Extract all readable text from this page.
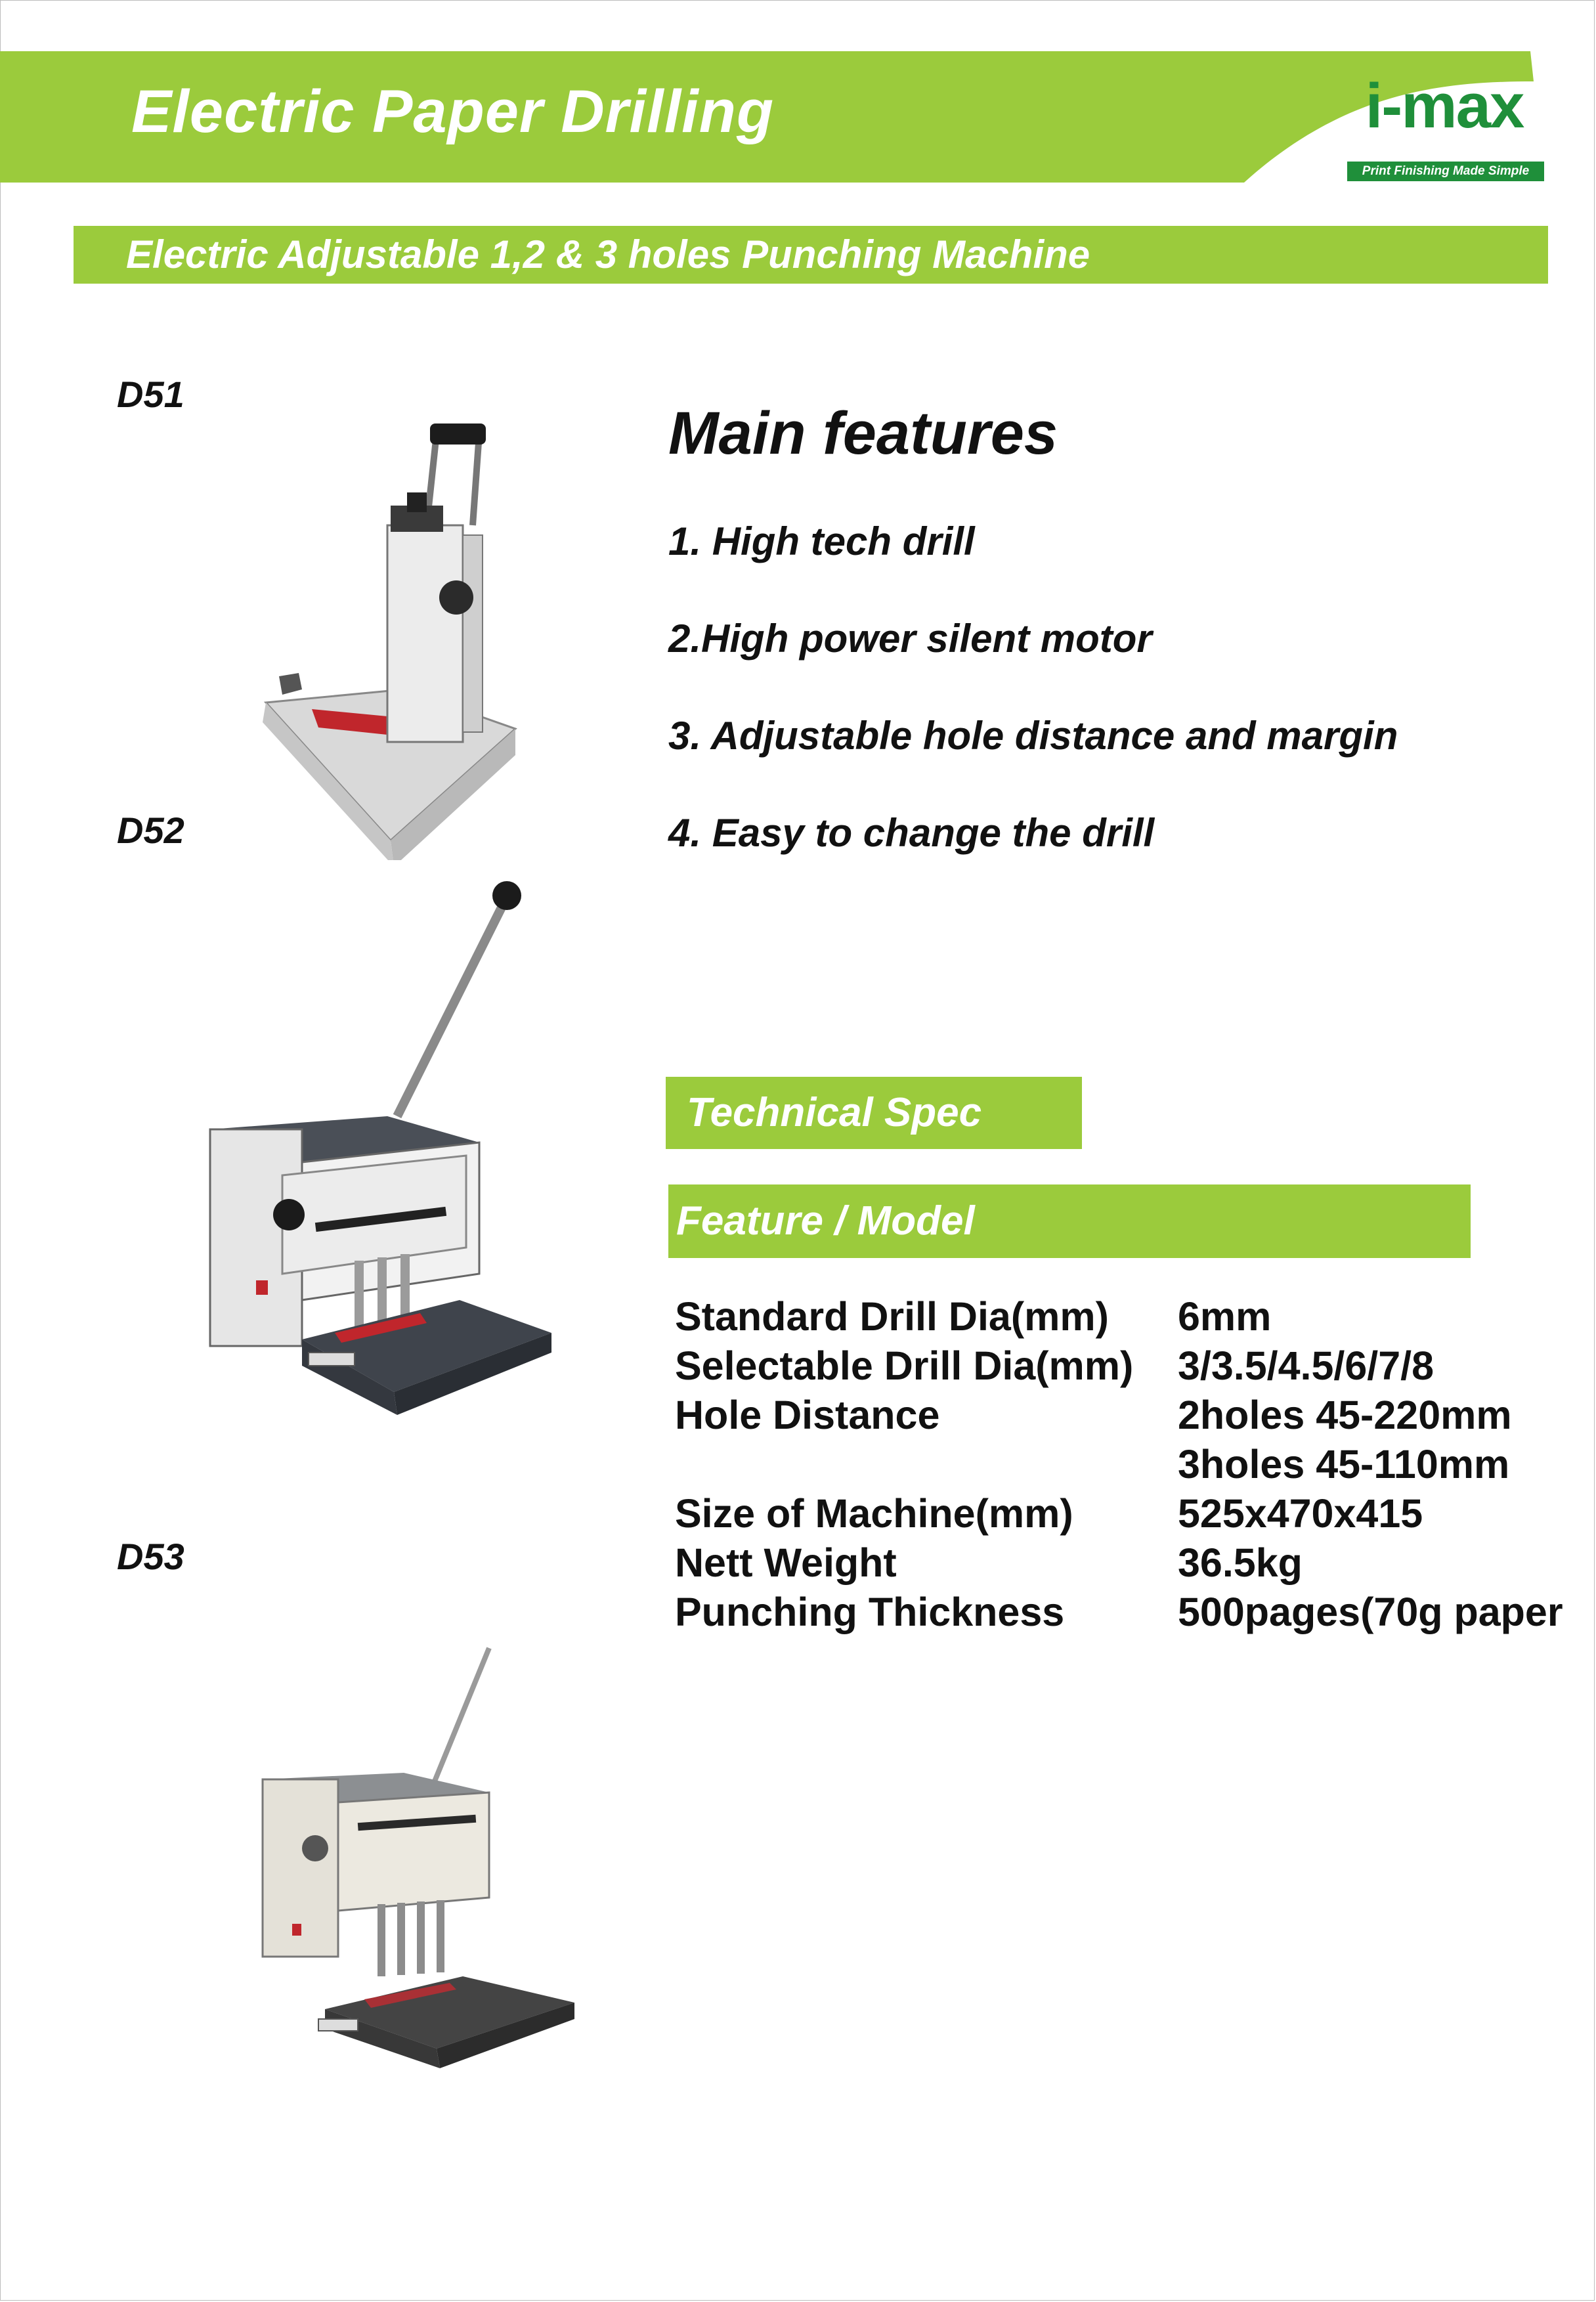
Electric Paper Drilling	i-max
Print Finishing Made Simple
Electric Adjustable 1,2 & 3 holes Punching Machine
D51
D52
D53
Main features
1. High tech drill
2.High power silent motor
3. Adjustable hole distance and margin
4. Easy to change the drill
Technical Spec
Feature / Model
Standard Drill Dia(mm) 6mm
Selectable Drill Dia(mm) 3/3.5/4.5/6/7/8
Hole Distance	2holes 45-220mm
3holes 45-110mm
Size of Machine(mm)	525x470x415
Nett Weight	36.5kg
Punching Thickness	500pages(70g paper
